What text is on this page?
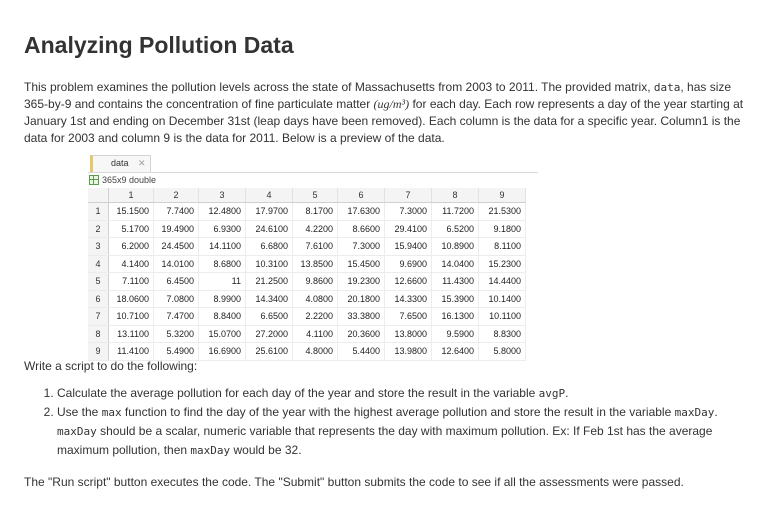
Analyzing Pollution Data

This problem examines the pollution levels across the state of Massachusetts from 2003 to 2011. The provided matrix, data, has size 365-by-9 and contains the concentration of fine particulate matter (ug/m³) for each day. Each row represents a day of the year starting at January 1st and ending on December 31st (leap days have been removed). Each column is the data for a specific year. Column1 is the data for 2003 and column 9 is the data for 2011. Below is a preview of the data.

data ✕
365x9 double
	1	2	3	4	5	6	7	8	9
1	15.1500	7.7400	12.4800	17.9700	8.1700	17.6300	7.3000	11.7200	21.5300
2	5.1700	19.4900	6.9300	24.6100	4.2200	8.6600	29.4100	6.5200	9.1800
3	6.2000	24.4500	14.1100	6.6800	7.6100	7.3000	15.9400	10.8900	8.1100
4	4.1400	14.0100	8.6800	10.3100	13.8500	15.4500	9.6900	14.0400	15.2300
5	7.1100	6.4500	11	21.2500	9.8600	19.2300	12.6600	11.4300	14.4400
6	18.0600	7.0800	8.9900	14.3400	4.0800	20.1800	14.3300	15.3900	10.1400
7	10.7100	7.4700	8.8400	6.6500	2.2200	33.3800	7.6500	16.1300	10.1100
8	13.1100	5.3200	15.0700	27.2000	4.1100	20.3600	13.8000	9.5900	8.8300
9	11.4100	5.4900	16.6900	25.6100	4.8000	5.4400	13.9800	12.6400	5.8000

Write a script to do the following:

1. Calculate the average pollution for each day of the year and store the result in the variable avgP.
2. Use the max function to find the day of the year with the highest average pollution and store the result in the variable maxDay. maxDay should be a scalar, numeric variable that represents the day with maximum pollution. Ex: If Feb 1st has the average maximum pollution, then maxDay would be 32.

The "Run script" button executes the code. The "Submit" button submits the code to see if all the assessments were passed.
